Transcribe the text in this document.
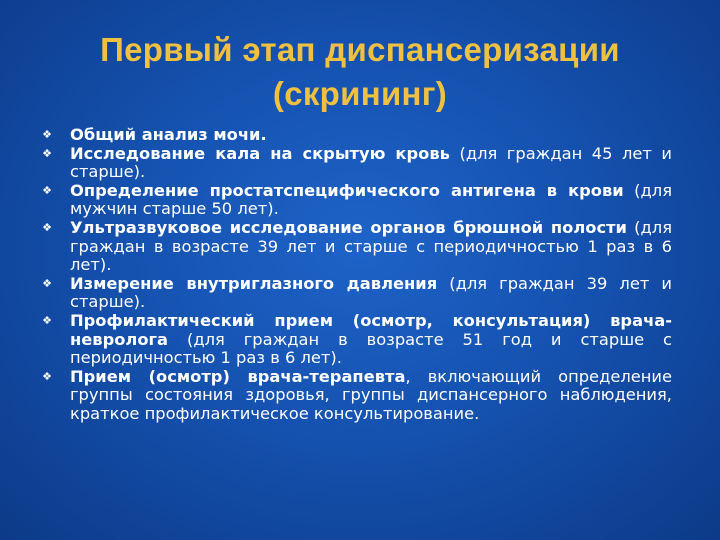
Первый этап диспансеризации
(скрининг)
❖ Общий анализ мочи.
❖ Исследование кала на скрытую кровь (для граждан 45 лет и старше).
❖ Определение простатспецифического антигена в крови (для мужчин старше 50 лет).
❖ Ультразвуковое исследование органов брюшной полости (для граждан в возрасте 39 лет и старше с периодичностью 1 раз в 6 лет).
❖ Измерение внутриглазного давления (для граждан 39 лет и старше).
❖ Профилактический прием (осмотр, консультация) врача-невролога (для граждан в возрасте 51 год и старше с периодичностью 1 раз в 6 лет).
❖ Прием (осмотр) врача-терапевта, включающий определение группы состояния здоровья, группы диспансерного наблюдения, краткое профилактическое консультирование.
